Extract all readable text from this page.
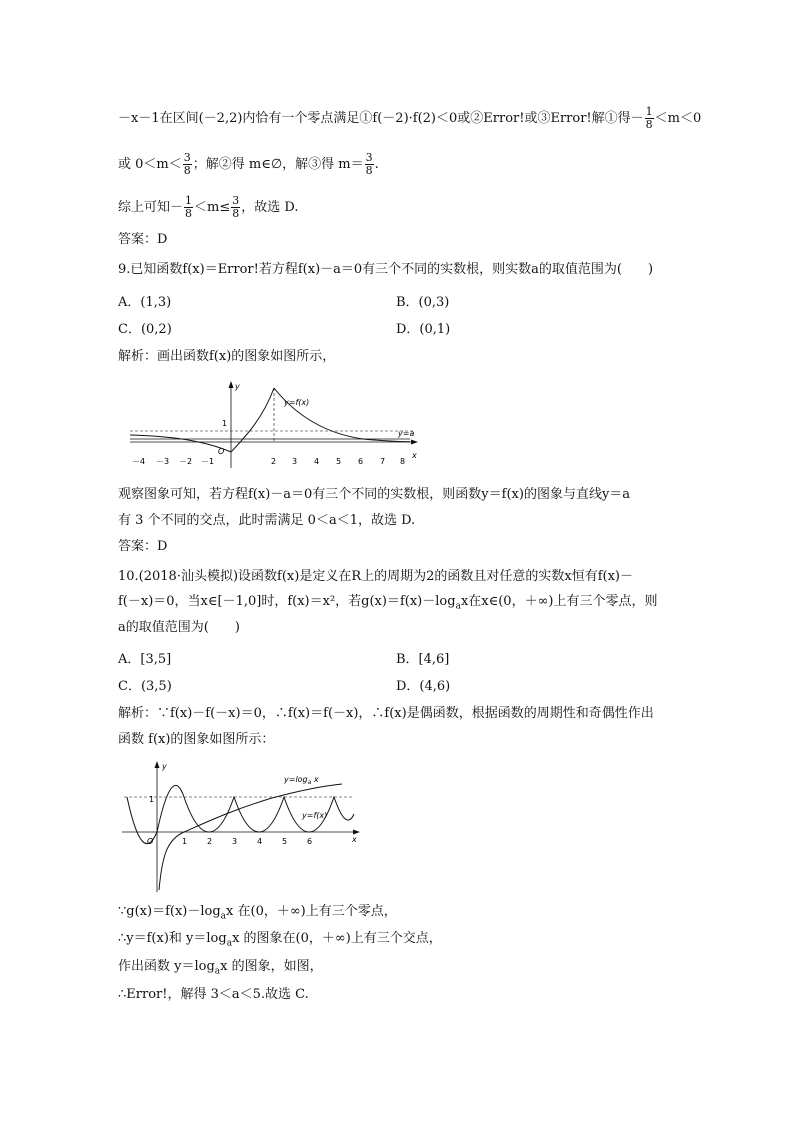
－x－1在区间(－2,2)内恰有一个零点满足①f(－2)·f(2)＜0或②Error!或③Error!解①得－ $\frac{1}{8} <m<0$
或 $0<m< \frac{3}{8}$ ；解②得 m∈∅，解③得 $m= \frac{3}{8}$ .
综上可知－ $\frac{1}{8} <m\le \frac{3}{8}$ ，故选 D.
答案：D
9.已知函数f(x)＝Error!若方程f(x)－a＝0有三个不同的实数根，则实数a的取值范围为(　　)
A．(1,3)	B．(0,3)
C．(0,2)	D．(0,1)
解析：画出函数f(x)的图象如图所示，
y
x
O
1
y=a
y=f(x)
－4 －3 －2 －1	2 3 4 5 6 7 8
观察图象可知，若方程f(x)－a＝0有三个不同的实数根，则函数y＝f(x)的图象与直线y＝a
有 3 个不同的交点，此时需满足 0＜a＜1，故选 D.
答案：D
10.(2018·汕头模拟)设函数f(x)是定义在R上的周期为2的函数且对任意的实数x恒有f(x)－
f(－x)＝0，当x∈[－1,0]时，f(x)＝x²，若$g(x)=f(x)-\log_ax$在x∈(0，＋∞)上有三个零点，则
a的取值范围为(　　)
A．[3,5]	B．[4,6]
C．(3,5)	D．(4,6)
解析：∵f(x)－f(－x)＝0，∴f(x)＝f(－x)，∴f(x)是偶函数，根据函数的周期性和奇偶性作出
函数 f(x)的图象如图所示：
y
x
O
1
$y=\log_a$ x
y=f(x)
1 2 3 4 5 6
$\because g(x)=f(x)-\log_ax$ 在(0，＋∞)上有三个零点，
∴y＝f(x)和 $y=\log_ax$ 的图象在(0，＋∞)上有三个交点，
作出函数 $y=\log_ax$ 的图象，如图，
∴Error!，解得 3＜a＜5.故选 C.
